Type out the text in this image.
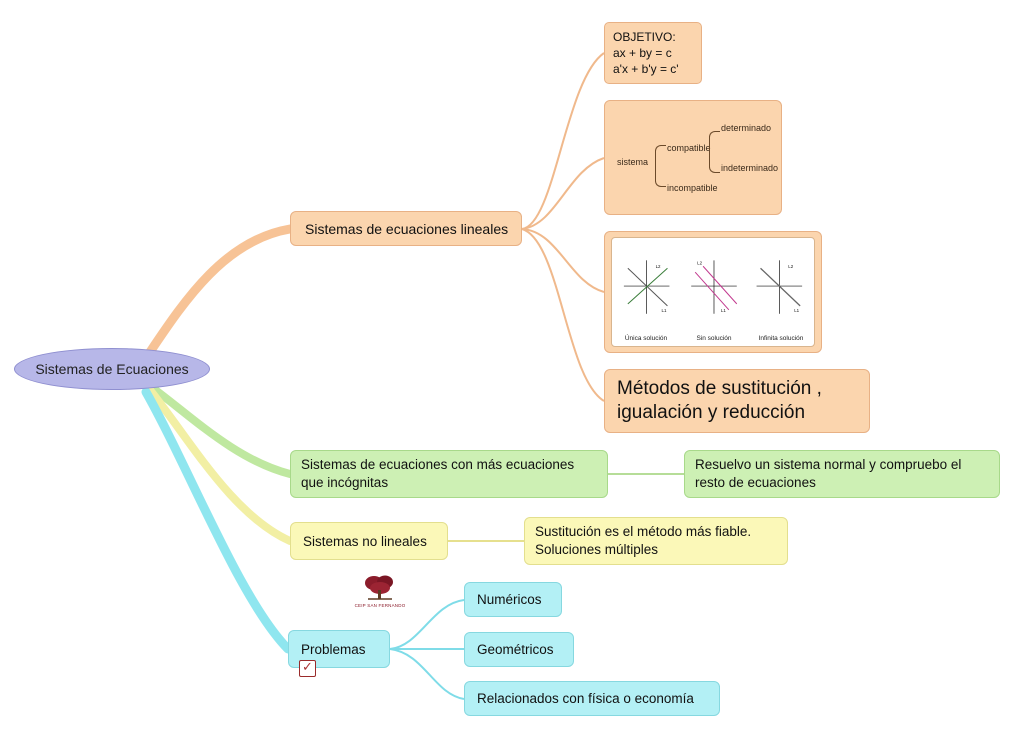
Sistemas de Ecuaciones
Sistemas de ecuaciones lineales
OBJETIVO:
ax + by = c
a'x + b'y = c'
sistema
compatible
incompatible
determinado
indeterminado
L2
L1
L2
L1
L2
L1
Única solución	Sin solución	Infinita solución
Métodos de sustitución ,
igualación y reducción
Sistemas de ecuaciones con más ecuaciones
que incógnitas
Resuelvo un sistema normal y compruebo el
resto de ecuaciones
Sistemas no lineales
Sustitución es el método más fiable.
Soluciones múltiples
Problemas
✓
CEIP SAN FERNANDO	Numéricos
Geométricos
Relacionados con física o economía
